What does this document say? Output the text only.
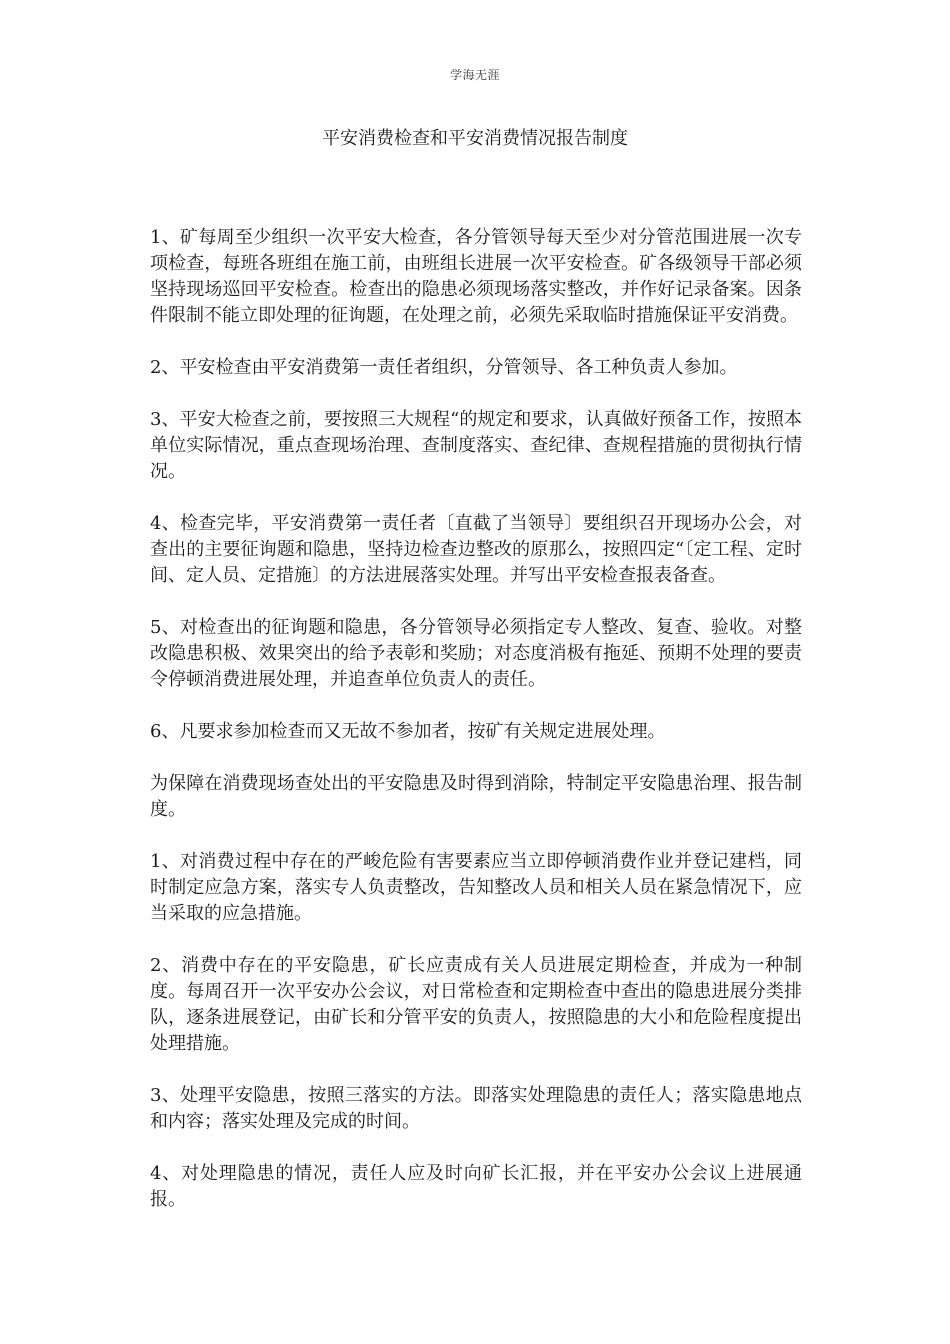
学海无涯
平安消费检查和平安消费情况报告制度

1、矿每周至少组织一次平安大检查，各分管领导每天至少对分管范围进展一次专项检查，每班各班组在施工前，由班组长进展一次平安检查。矿各级领导干部必须坚持现场巡回平安检查。检查出的隐患必须现场落实整改，并作好记录备案。因条件限制不能立即处理的征询题，在处理之前，必须先采取临时措施保证平安消费。

2、平安检查由平安消费第一责任者组织，分管领导、各工种负责人参加。

3、平安大检查之前，要按照三大规程“的规定和要求，认真做好预备工作，按照本单位实际情况，重点查现场治理、查制度落实、查纪律、查规程措施的贯彻执行情况。

4、检查完毕，平安消费第一责任者〔直截了当领导〕要组织召开现场办公会，对查出的主要征询题和隐患，坚持边检查边整改的原那么，按照四定“〔定工程、定时间、定人员、定措施〕的方法进展落实处理。并写出平安检查报表备查。

5、对检查出的征询题和隐患，各分管领导必须指定专人整改、复查、验收。对整改隐患积极、效果突出的给予表彰和奖励；对态度消极有拖延、预期不处理的要责令停顿消费进展处理，并追查单位负责人的责任。

6、凡要求参加检查而又无故不参加者，按矿有关规定进展处理。

为保障在消费现场查处出的平安隐患及时得到消除，特制定平安隐患治理、报告制度。

1、对消费过程中存在的严峻危险有害要素应当立即停顿消费作业并登记建档，同时制定应急方案，落实专人负责整改，告知整改人员和相关人员在紧急情况下，应当采取的应急措施。

2、消费中存在的平安隐患，矿长应责成有关人员进展定期检查，并成为一种制度。每周召开一次平安办公会议，对日常检查和定期检查中查出的隐患进展分类排队，逐条进展登记，由矿长和分管平安的负责人，按照隐患的大小和危险程度提出处理措施。

3、处理平安隐患，按照三落实的方法。即落实处理隐患的责任人；落实隐患地点和内容；落实处理及完成的时间。

4、对处理隐患的情况，责任人应及时向矿长汇报，并在平安办公会议上进展通报。
